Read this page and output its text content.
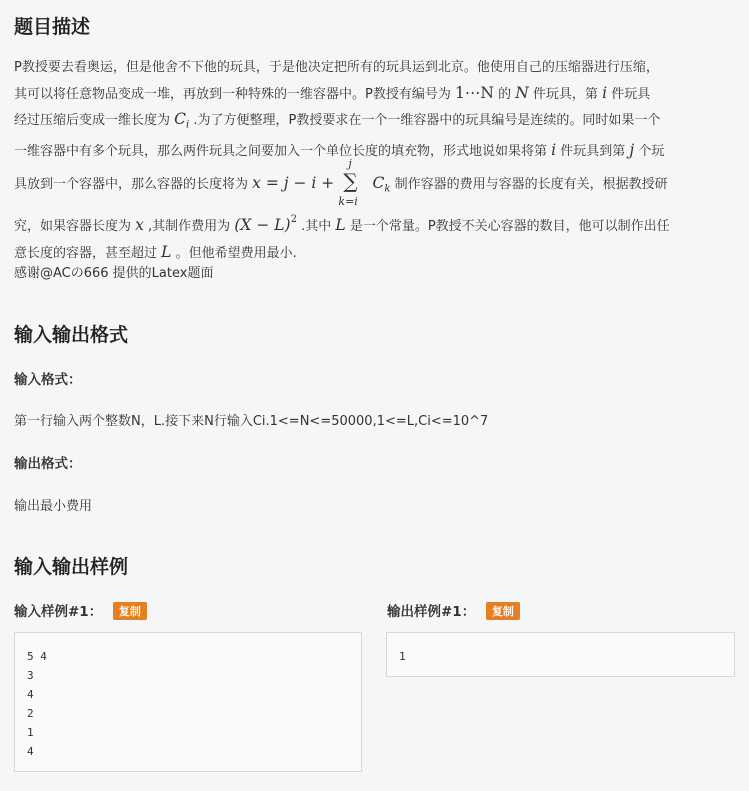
题目描述
P教授要去看奥运，但是他舍不下他的玩具，于是他决定把所有的玩具运到北京。他使用自己的压缩器进行压缩，
其可以将任意物品变成一堆，再放到一种特殊的一维容器中。P教授有编号为 1⋯N 的 N 件玩具，第 i 件玩具
经过压缩后变成一维长度为 $C_i$ .为了方便整理，P教授要求在一个一维容器中的玩具编号是连续的。同时如果一个
一维容器中有多个玩具，那么两件玩具之间要加入一个单位长度的填充物，形式地说如果将第 i 件玩具到第 j 个玩
具放到一个容器中，那么容器的长度将为 x = j − i +
j
∑
k=i
$C_k$ 制作容器的费用与容器的长度有关，根据教授研
究，如果容器长度为 x ,其制作费用为 $(X - L)^2$ .其中 L 是一个常量。P教授不关心容器的数目，他可以制作出任
意长度的容器，甚至超过 L 。但他希望费用最小.
感谢@ACの666 提供的Latex题面
输入输出格式
输入格式：
第一行输入两个整数N，L.接下来N行输入Ci.1<=N<=50000,1<=L,Ci<=10^7
输出格式：
输出最小费用
输入输出样例
输入样例#1： 复制	输出样例#1： 复制
5 4
3
4
2
1
4
1
